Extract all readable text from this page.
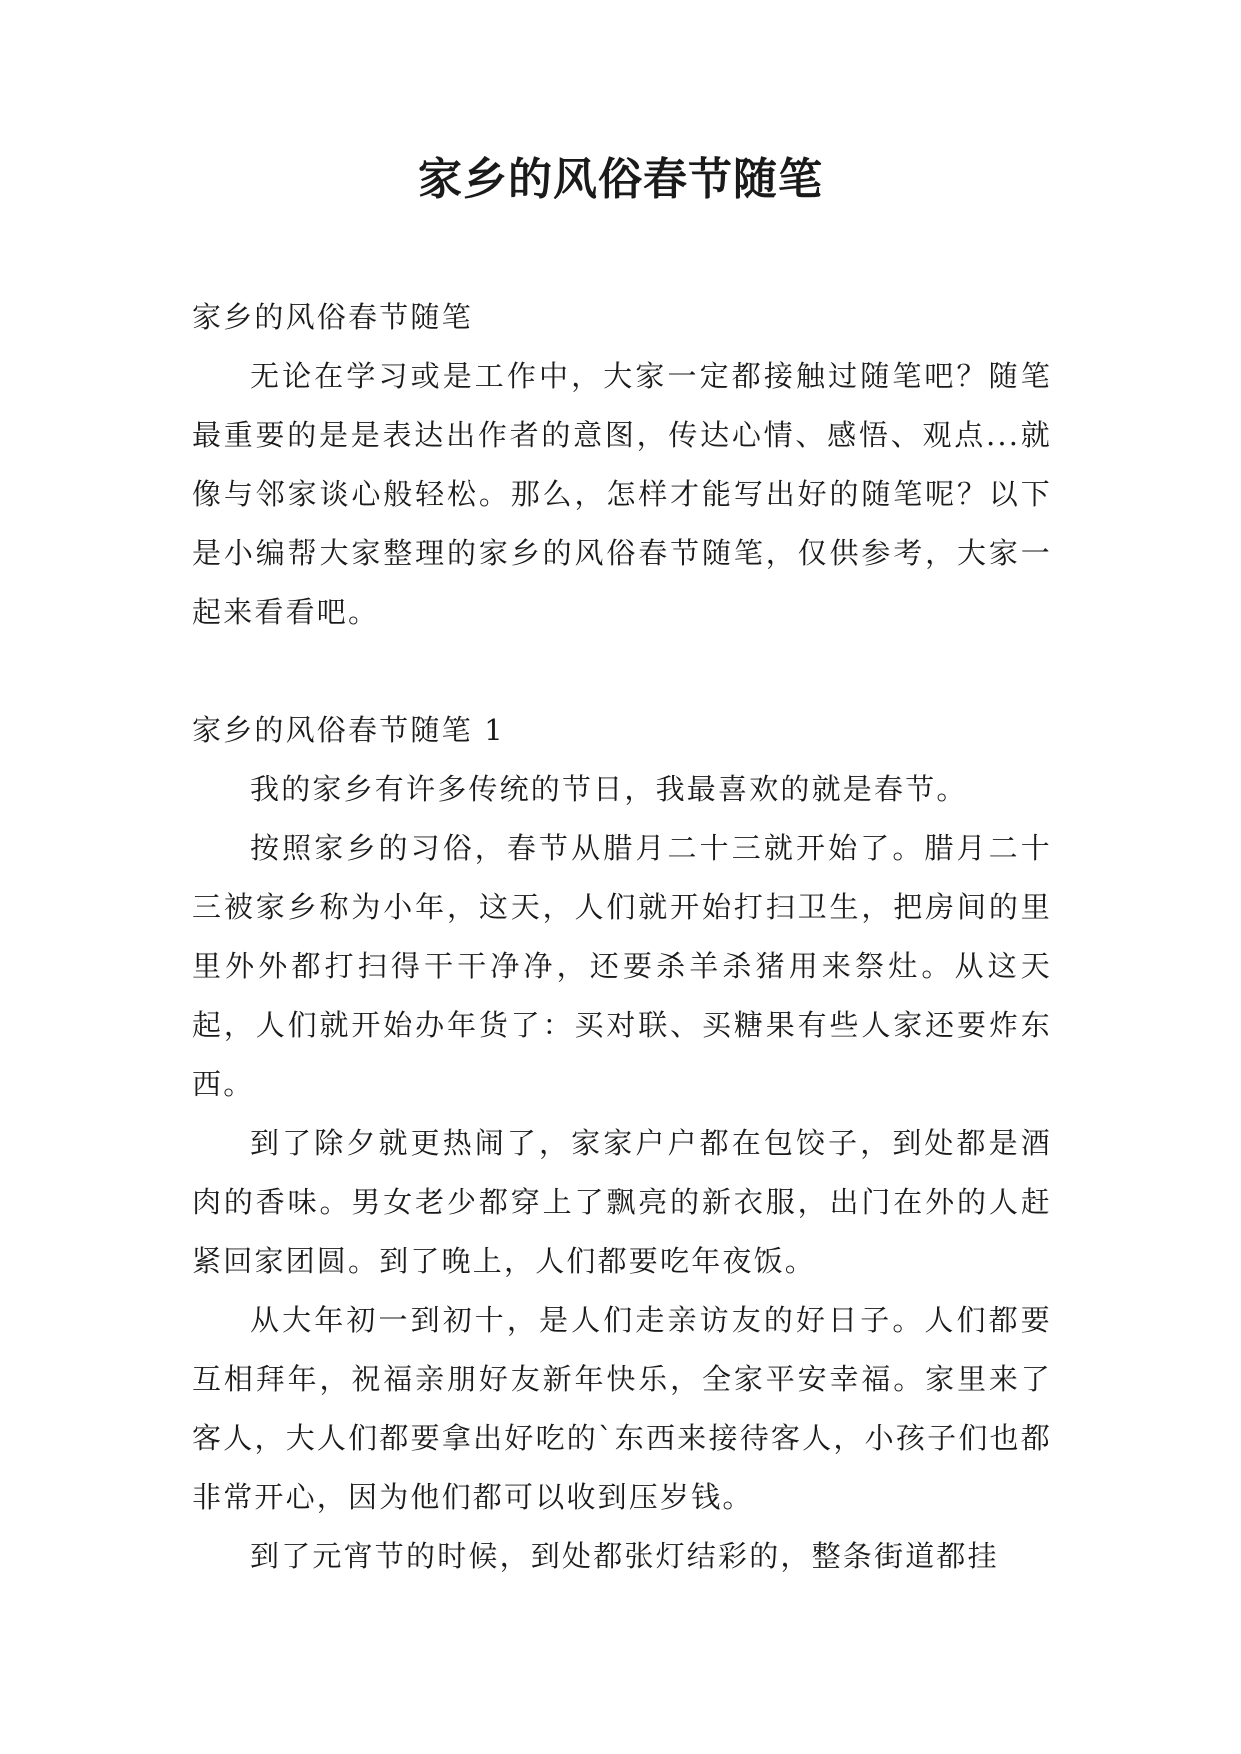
家乡的风俗春节随笔

家乡的风俗春节随笔

无论在学习或是工作中，大家一定都接触过随笔吧？随笔最重要的是是表达出作者的意图，传达心情、感悟、观点...就像与邻家谈心般轻松。那么，怎样才能写出好的随笔呢？以下是小编帮大家整理的家乡的风俗春节随笔，仅供参考，大家一起来看看吧。

家乡的风俗春节随笔 1

我的家乡有许多传统的节日，我最喜欢的就是春节。

按照家乡的习俗，春节从腊月二十三就开始了。腊月二十三被家乡称为小年，这天，人们就开始打扫卫生，把房间的里里外外都打扫得干干净净，还要杀羊杀猪用来祭灶。从这天起，人们就开始办年货了：买对联、买糖果有些人家还要炸东西。

到了除夕就更热闹了，家家户户都在包饺子，到处都是酒肉的香味。男女老少都穿上了飘亮的新衣服，出门在外的人赶紧回家团圆。到了晚上，人们都要吃年夜饭。

从大年初一到初十，是人们走亲访友的好日子。人们都要互相拜年，祝福亲朋好友新年快乐，全家平安幸福。家里来了客人，大人们都要拿出好吃的`东西来接待客人，小孩子们也都非常开心，因为他们都可以收到压岁钱。

到了元宵节的时候，到处都张灯结彩的，整条街道都挂
